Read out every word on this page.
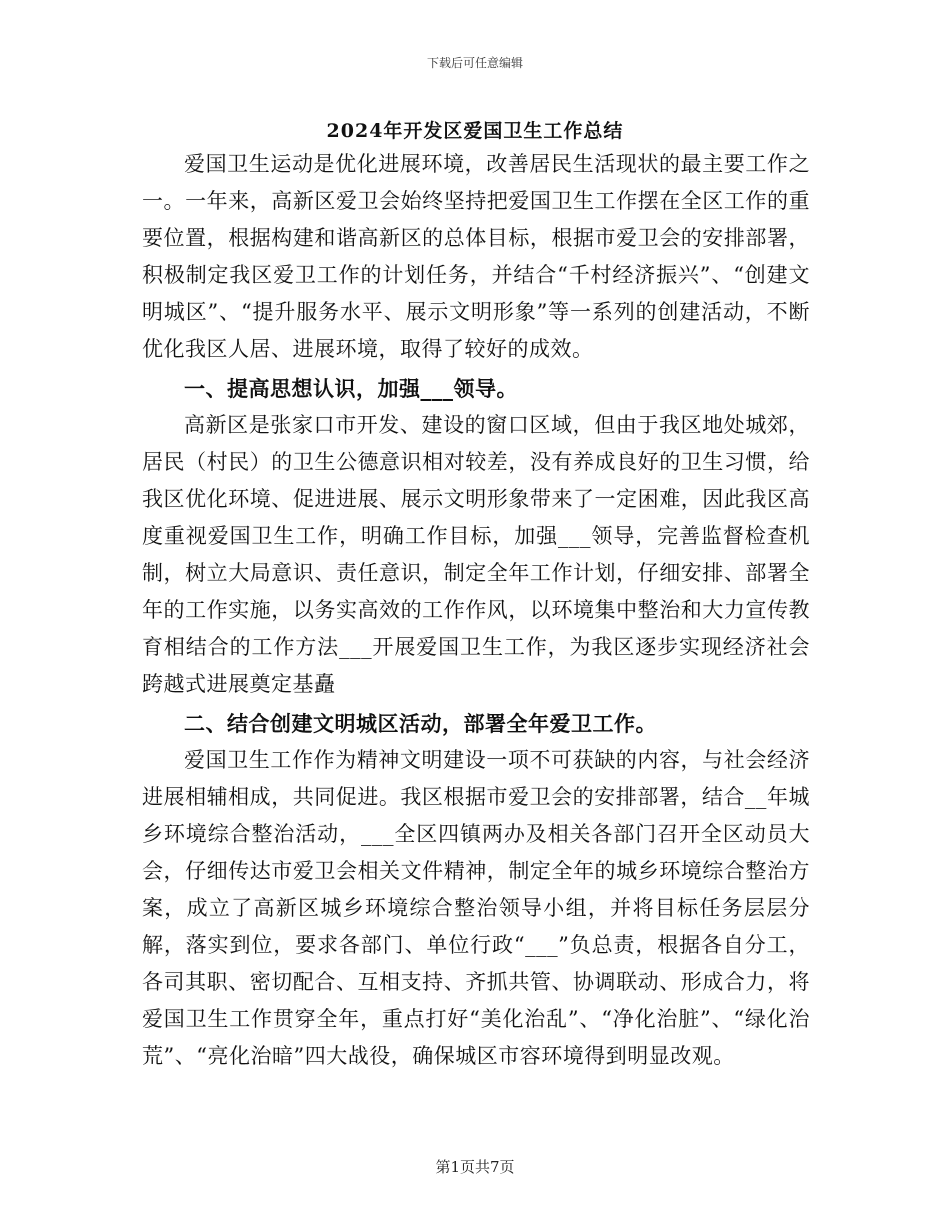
下载后可任意编辑
2024年开发区爱国卫生工作总结

爱国卫生运动是优化进展环境，改善居民生活现状的最主要工作之一。一年来，高新区爱卫会始终坚持把爱国卫生工作摆在全区工作的重要位置，根据构建和谐高新区的总体目标，根据市爱卫会的安排部署，积极制定我区爱卫工作的计划任务，并结合“千村经济振兴”、“创建文明城区”、“提升服务水平、展示文明形象”等一系列的创建活动，不断优化我区人居、进展环境，取得了较好的成效。

一、提高思想认识，加强___领导。

高新区是张家口市开发、建设的窗口区域，但由于我区地处城郊，居民（村民）的卫生公德意识相对较差，没有养成良好的卫生习惯，给我区优化环境、促进进展、展示文明形象带来了一定困难，因此我区高度重视爱国卫生工作，明确工作目标，加强___领导，完善监督检查机制，树立大局意识、责任意识，制定全年工作计划，仔细安排、部署全年的工作实施，以务实高效的工作作风，以环境集中整治和大力宣传教育相结合的工作方法___开展爱国卫生工作，为我区逐步实现经济社会跨越式进展奠定基矗

二、结合创建文明城区活动，部署全年爱卫工作。

爱国卫生工作作为精神文明建设一项不可获缺的内容，与社会经济进展相辅相成，共同促进。我区根据市爱卫会的安排部署，结合__年城乡环境综合整治活动，___全区四镇两办及相关各部门召开全区动员大会，仔细传达市爱卫会相关文件精神，制定全年的城乡环境综合整治方案，成立了高新区城乡环境综合整治领导小组，并将目标任务层层分解，落实到位，要求各部门、单位行政“___”负总责，根据各自分工，各司其职、密切配合、互相支持、齐抓共管、协调联动、形成合力，将爱国卫生工作贯穿全年，重点打好“美化治乱”、“净化治脏”、“绿化治荒”、“亮化治暗”四大战役，确保城区市容环境得到明显改观。

第1页共7页
